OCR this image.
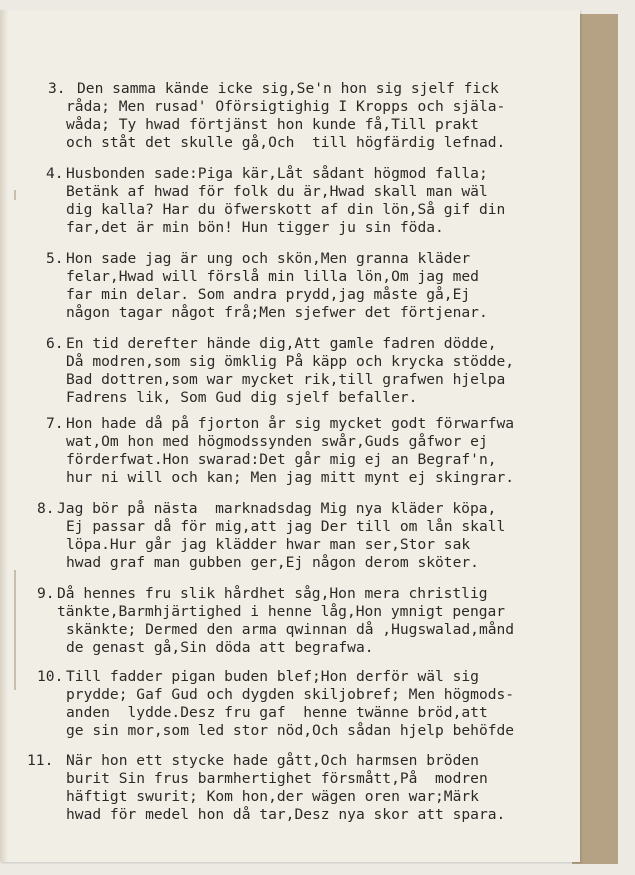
3. Den samma kände icke sig,Se'n hon sig sjelf fick
råda; Men rusad' Oförsigtighig I Kropps och själa-
wåda; Ty hwad förtjänst hon kunde få,Till prakt
och ståt det skulle gå,Och  till högfärdig lefnad.
4. Husbonden sade:Piga kär,Låt sådant högmod falla;
Betänk af hwad för folk du är,Hwad skall man wäl
dig kalla? Har du öfwerskott af din lön,Så gif din
far,det är min bön! Hun tigger ju sin föda.
5. Hon sade jag är ung och skön,Men granna kläder
felar,Hwad will förslå min lilla lön,Om jag med
far min delar. Som andra prydd,jag måste gå,Ej
någon tagar något frå;Men sjefwer det förtjenar.
6. En tid derefter hände dig,Att gamle fadren dödde,
Då modren,som sig ömklig På käpp och krycka stödde,
Bad dottren,som war mycket rik,till grafwen hjelpa
Fadrens lik, Som Gud dig sjelf befaller.
7. Hon hade då på fjorton år sig mycket godt förwarfwa
wat,Om hon med högmodssynden swår,Guds gåfwor ej
förderfwat.Hon swarad:Det går mig ej an Begraf'n,
hur ni will och kan; Men jag mitt mynt ej skingrar.
8. Jag bör på nästa  marknadsdag Mig nya kläder köpa,
Ej passar då för mig,att jag Der till om lån skall
löpa.Hur går jag klädder hwar man ser,Stor sak
hwad graf man gubben ger,Ej någon derom sköter.
9. Då hennes fru slik hårdhet såg,Hon mera christlig
tänkte,Barmhjärtighed i henne låg,Hon ymnigt pengar
skänkte; Dermed den arma qwinnan då ,Hugswalad,månd
de genast gå,Sin döda att begrafwa.
10. Till fadder pigan buden blef;Hon derför wäl sig
prydde; Gaf Gud och dygden skiljobref; Men högmods-
anden  lydde.Desz fru gaf  henne twänne bröd,att
ge sin mor,som led stor nöd,Och sådan hjelp behöfde
11. När hon ett stycke hade gått,Och harmsen bröden
burit Sin frus barmhertighet försmått,På  modren
häftigt swurit; Kom hon,der wägen oren war;Märk
hwad för medel hon då tar,Desz nya skor att spara.
